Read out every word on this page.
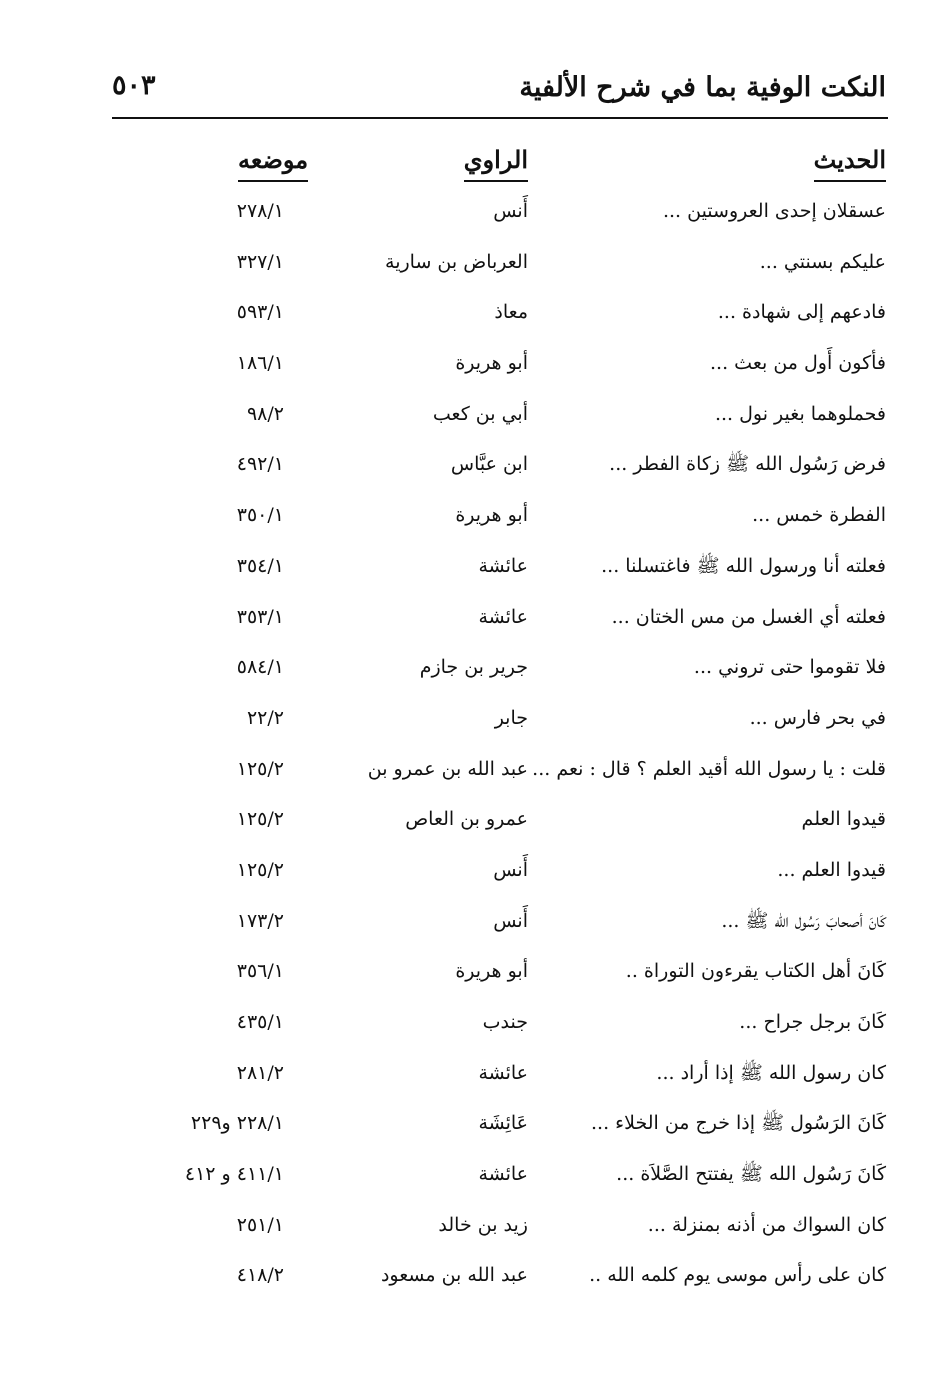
النكت الوفية بما في شرح الألفية
٥٠٣
الحديث
الراوي
موضعه
عسقلان إحدى العروستين ...
أَنس
٢٧٨/١
عليكم بسنتي ...
العرباض بن سارية
٣٢٧/١
فادعهم إلى شهادة ...
معاذ
٥٩٣/١
فأكون أَول من بعث ...
أبو هريرة
١٨٦/١
فحملوهما بغير نول ...
أبي بن كعب
٩٨/٢
فرض رَسُول الله ﷺ زكاة الفطر ...
ابن عبَّاس
٤٩٢/١
الفطرة خمس ...
أبو هريرة
٣٥٠/١
فعلته أنا ورسول الله ﷺ فاغتسلنا ...
عائشة
٣٥٤/١
فعلته أي الغسل من مس الختان ...
عائشة
٣٥٣/١
فلا تقوموا حتى تروني ...
جرير بن جازم
٥٨٤/١
في بحر فارس ...
جابر
٢٢/٢
قلت : يا رسول الله أقيد العلم ؟ قال : نعم ...
عبد الله بن عمرو بن
١٢٥/٢
قيدوا العلم
عمرو بن العاص
١٢٥/٢
قيدوا العلم ...
أَنس
١٢٥/٢
كَانَ أصحابَ رَسُول الله ﷺ ...
أَنس
١٧٣/٢
كَانَ أهل الكتاب يقرءون التوراة ..
أبو هريرة
٣٥٦/١
كَانَ برجل جراح ...
جندب
٤٣٥/١
كان رسول الله ﷺ إذا أراد ...
عائشة
٢٨١/٢
كَانَ الرَسُول ﷺ إذا خرج من الخلاء ...
عَائِشَة
٢٢٨/١ و٢٢٩
كَانَ رَسُول الله ﷺ يفتتح الصَّلاَة ...
عائشة
٤١١/١ و ٤١٢
كان السواك من أذنه بمنزلة ...
زيد بن خالد
٢٥١/١
كان على رأس موسى يوم كلمه الله ..
عبد الله بن مسعود
٤١٨/٢
